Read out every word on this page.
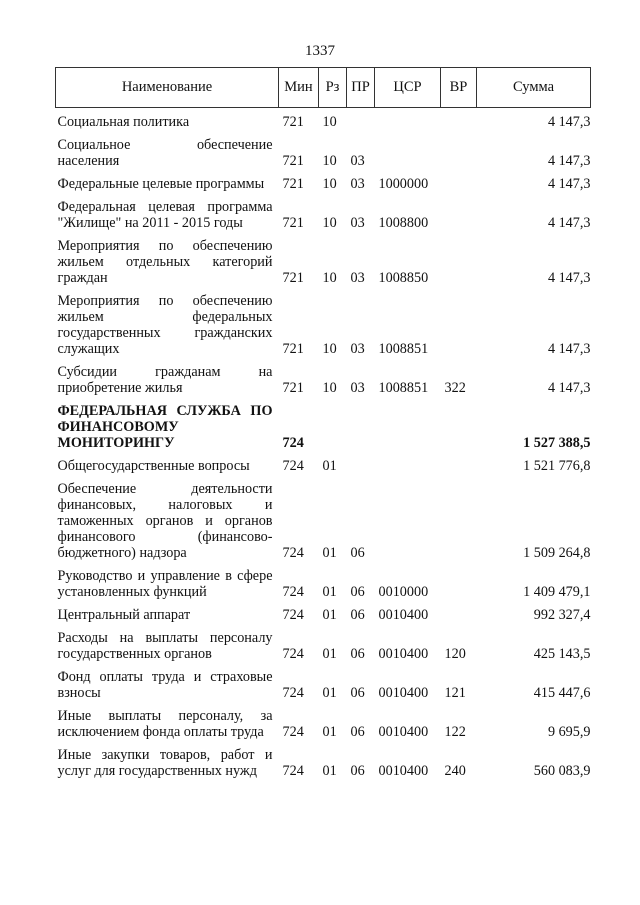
1337
Наименование	Мин	Рз	ПР	ЦСР	ВР	Сумма
Социальная политика	721	10				4 147,3
Социальное обеспечение населения	721	10	03			4 147,3
Федеральные целевые программы	721	10	03	1000000		4 147,3
Федеральная целевая программа "Жилище" на 2011 - 2015 годы	721	10	03	1008800		4 147,3
Мероприятия по обеспечению жильем отдельных категорий граждан	721	10	03	1008850		4 147,3
Мероприятия по обеспечению жильем федеральных государственных гражданских служащих	721	10	03	1008851		4 147,3
Субсидии гражданам на приобретение жилья	721	10	03	1008851	322	4 147,3
ФЕДЕРАЛЬНАЯ СЛУЖБА ПО ФИНАНСОВОМУ МОНИТОРИНГУ	724					1 527 388,5
Общегосударственные вопросы	724	01				1 521 776,8
Обеспечение деятельности финансовых, налоговых и таможенных органов и органов финансового (финансово-бюджетного) надзора	724	01	06			1 509 264,8
Руководство и управление в сфере установленных функций	724	01	06	0010000		1 409 479,1
Центральный аппарат	724	01	06	0010400		992 327,4
Расходы на выплаты персоналу государственных органов	724	01	06	0010400	120	425 143,5
Фонд оплаты труда и страховые взносы	724	01	06	0010400	121	415 447,6
Иные выплаты персоналу, за исключением фонда оплаты труда	724	01	06	0010400	122	9 695,9
Иные закупки товаров, работ и услуг для государственных нужд	724	01	06	0010400	240	560 083,9
